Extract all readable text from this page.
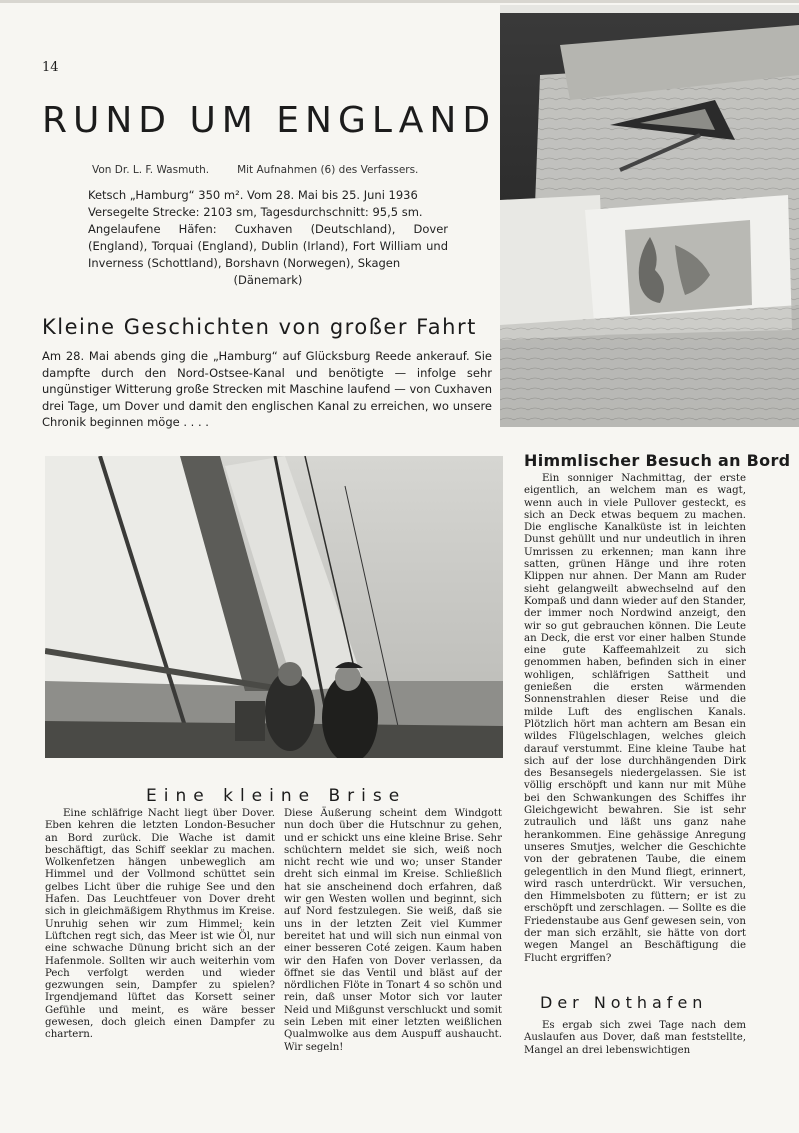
14
RUND UM ENGLAND
Von Dr. L. F. Wasmuth.	Mit Aufnahmen (6) des Verfassers.
Ketsch „Hamburg“ 350 m². Vom 28. Mai bis 25. Juni 1936
Versegelte Strecke: 2103 sm, Tagesdurchschnitt: 95,5 sm.
Angelaufene Häfen: Cuxhaven (Deutschland), Dover (England), Torquai (England), Dublin (Irland), Fort William und Inverness (Schottland), Borshavn (Norwegen), Skagen
(Dänemark)
Kleine Geschichten von großer Fahrt
Am 28. Mai abends ging die „Hamburg“ auf Glücksburg Reede ankerauf. Sie dampfte durch den Nord-Ostsee-Kanal und benötigte — infolge sehr ungünstiger Witterung große Strecken mit Maschine laufend — von Cuxhaven drei Tage, um Dover und damit den englischen Kanal zu erreichen, wo unsere Chronik beginnen möge . . . .
Himmlischer Besuch an Bord

Ein sonniger Nachmittag, der erste eigentlich, an welchem man es wagt, wenn auch in viele Pullover gesteckt, es sich an Deck etwas bequem zu machen. Die englische Kanalküste ist in leichten Dunst gehüllt und nur undeutlich in ihren Umrissen zu erkennen; man kann ihre satten, grünen Hänge und ihre roten Klippen nur ahnen. Der Mann am Ruder sieht gelangweilt abwechselnd auf den Kompaß und dann wieder auf den Stander, der immer noch Nordwind anzeigt, den wir so gut gebrauchen können. Die Leute an Deck, die erst vor einer halben Stunde eine gute Kaffeemahlzeit zu sich genommen haben, befinden sich in einer wohligen, schläfrigen Sattheit und genießen die ersten wärmenden Sonnenstrahlen dieser Reise und die milde Luft des englischen Kanals. Plötzlich hört man achtern am Besan ein wildes Flügelschlagen, welches gleich darauf verstummt. Eine kleine Taube hat sich auf der lose durchhängenden Dirk des Besansegels niedergelassen. Sie ist völlig erschöpft und kann nur mit Mühe bei den Schwankungen des Schiffes ihr Gleichgewicht bewahren. Sie ist sehr zutraulich und läßt uns ganz nahe herankommen. Eine gehässige Anregung unseres Smutjes, welcher die Geschichte von der gebratenen Taube, die einem gelegentlich in den Mund fliegt, erinnert, wird rasch unterdrückt. Wir versuchen, den Himmelsboten zu füttern; er ist zu erschöpft und zerschlagen. — Sollte es die Friedenstaube aus Genf gewesen sein, von der man sich erzählt, sie hätte von dort wegen Mangel an Beschäftigung die Flucht ergriffen?

Eine kleine Brise

Eine schläfrige Nacht liegt über Dover. Eben kehren die letzten London-Besucher an Bord zurück. Die Wache ist damit beschäftigt, das Schiff seeklar zu machen. Wolkenfetzen hängen unbeweglich am Himmel und der Vollmond schüttet sein gelbes Licht über die ruhige See und den Hafen. Das Leuchtfeuer von Dover dreht sich in gleichmäßigem Rhythmus im Kreise. Unruhig sehen wir zum Himmel; kein Lüftchen regt sich, das Meer ist wie Öl, nur eine schwache Dünung bricht sich an der Hafenmole. Sollten wir auch weiterhin vom Pech verfolgt werden und wieder gezwungen sein, Dampfer zu spielen? Irgendjemand lüftet das Korsett seiner Gefühle und meint, es wäre besser gewesen, doch gleich einen Dampfer zu chartern.

Diese Äußerung scheint dem Windgott nun doch über die Hutschnur zu gehen, und er schickt uns eine kleine Brise. Sehr schüchtern meldet sie sich, weiß noch nicht recht wie und wo; unser Stander dreht sich einmal im Kreise. Schließlich hat sie anscheinend doch erfahren, daß wir gen Westen wollen und beginnt, sich auf Nord festzulegen. Sie weiß, daß sie uns in der letzten Zeit viel Kummer bereitet hat und will sich nun einmal von einer besseren Coté zeigen. Kaum haben wir den Hafen von Dover verlassen, da öffnet sie das Ventil und bläst auf der nördlichen Flöte in Tonart 4 so schön und rein, daß unser Motor sich vor lauter Neid und Mißgunst verschluckt und somit sein Leben mit einer letzten weißlichen Qualmwolke aus dem Auspuff aushaucht. Wir segeln!

Der Nothafen

Es ergab sich zwei Tage nach dem Auslaufen aus Dover, daß man feststellte, Mangel an drei lebenswichtigen
